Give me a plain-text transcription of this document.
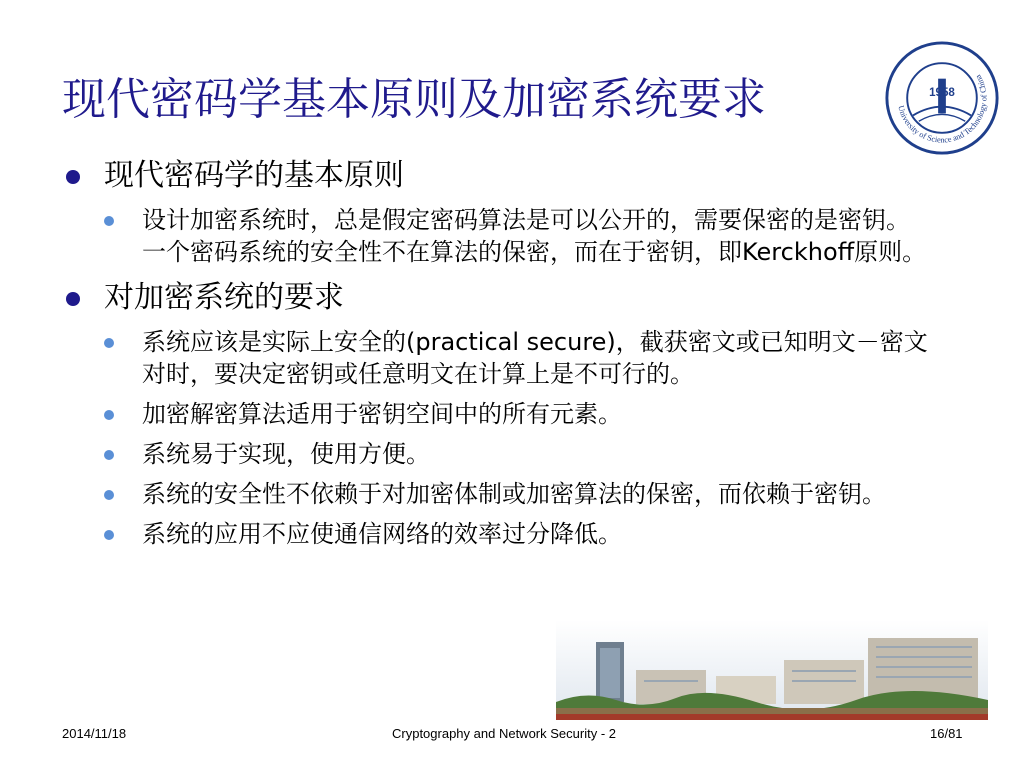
现代密码学基本原则及加密系统要求	University of Science and Technology of China
1958
现代密码学的基本原则
设计加密系统时，总是假定密码算法是可以公开的，需要保密的是密钥。一个密码系统的安全性不在算法的保密，而在于密钥，即Kerckhoff原则。
对加密系统的要求
系统应该是实际上安全的(practical secure)，截获密文或已知明文－密文对时，要决定密钥或任意明文在计算上是不可行的。
加密解密算法适用于密钥空间中的所有元素。
系统易于实现，使用方便。
系统的安全性不依赖于对加密体制或加密算法的保密，而依赖于密钥。
系统的应用不应使通信网络的效率过分降低。
2014/11/18	Cryptography and Network Security - 2	16/81
